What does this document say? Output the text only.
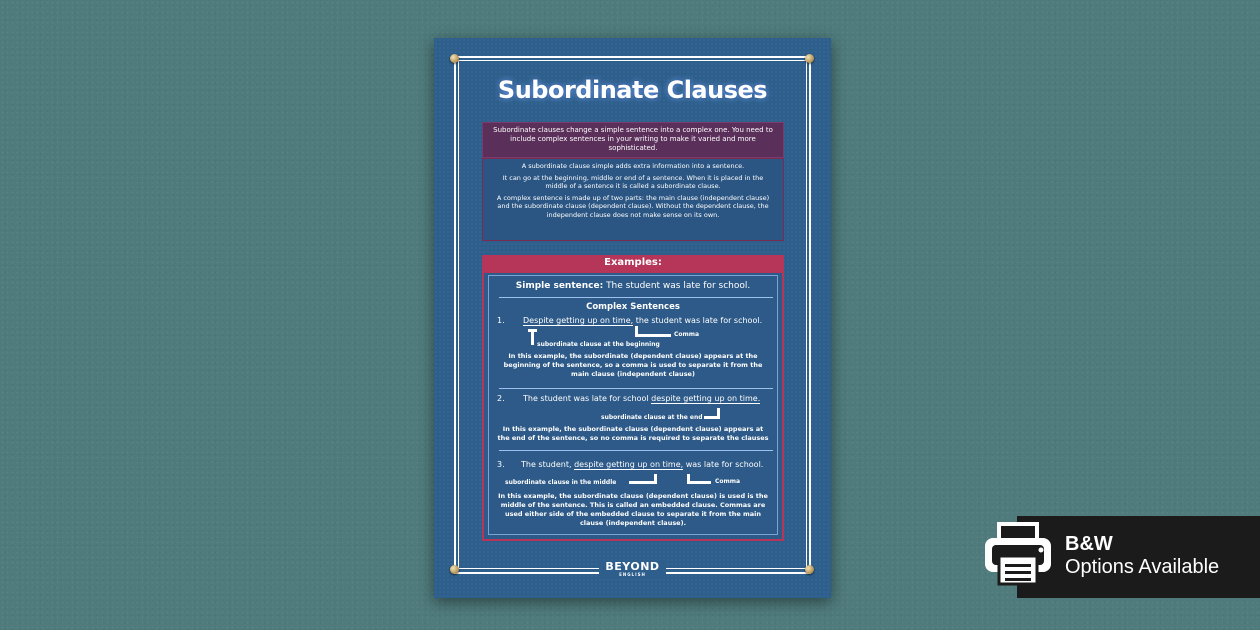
Subordinate Clauses
Subordinate clauses change a simple sentence into a complex one. You need to include complex sentences in your writing to make it varied and more sophisticated.

A subordinate clause simple adds extra information into a sentence.

It can go at the beginning, middle or end of a sentence. When it is placed in the middle of a sentence it is called a subordinate clause.

A complex sentence is made up of two parts: the main clause (independent clause) and the subordinate clause (dependent clause). Without the dependent clause, the independent clause does not make sense on its own.

Examples:
Simple sentence: The student was late for school.
Complex Sentences
1. Despite getting up on time, the student was late for school.
subordinate clause at the beginning
Comma
In this example, the subordinate (dependent clause) appears at the beginning of the sentence, so a comma is used to separate it from the main clause (independent clause)
2. The student was late for school despite getting up on time.
subordinate clause at the end
In this example, the subordinate clause (dependent clause) appears at the end of the sentence, so no comma is required to separate the clauses
3. The student, despite getting up on time, was late for school.
subordinate clause in the middle	Comma
In this example, the subordinate clause (dependent clause) is used is the middle of the sentence. This is called an embedded clause. Commas are used either side of the embedded clause to separate it from the main clause (independent clause).
BEYOND
ENGLISH
B&W
Options Available
